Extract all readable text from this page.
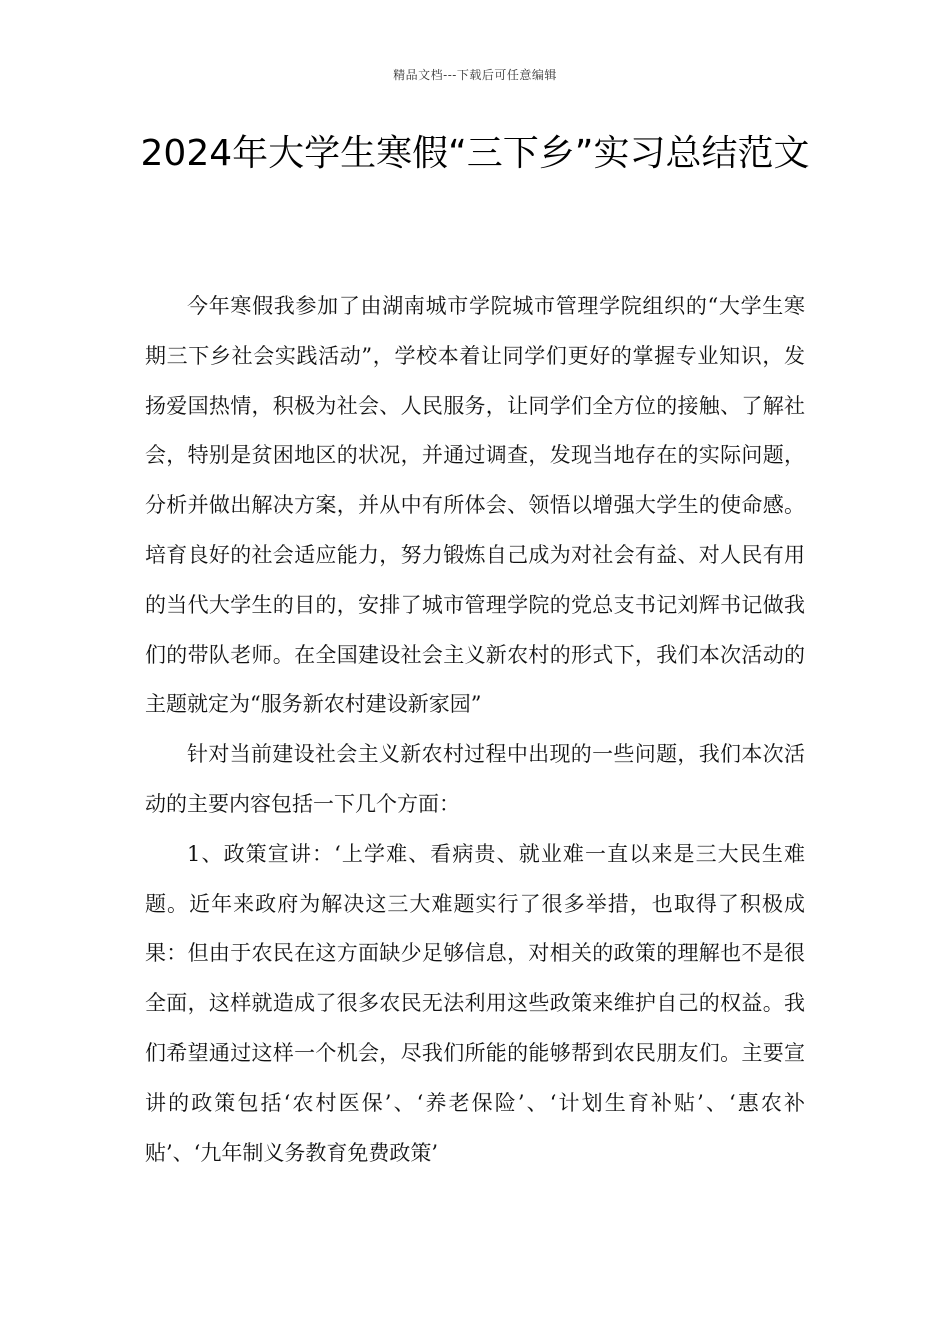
精品文档---下载后可任意编辑
2024年大学生寒假“三下乡”实习总结范文

今年寒假我参加了由湖南城市学院城市管理学院组织的“大学生寒期三下乡社会实践活动”，学校本着让同学们更好的掌握专业知识，发扬爱国热情，积极为社会、人民服务，让同学们全方位的接触、了解社会，特别是贫困地区的状况，并通过调查，发现当地存在的实际问题，分析并做出解决方案，并从中有所体会、领悟以增强大学生的使命感。培育良好的社会适应能力，努力锻炼自己成为对社会有益、对人民有用的当代大学生的目的，安排了城市管理学院的党总支书记刘辉书记做我们的带队老师。在全国建设社会主义新农村的形式下，我们本次活动的主题就定为“服务新农村建设新家园”

针对当前建设社会主义新农村过程中出现的一些问题，我们本次活动的主要内容包括一下几个方面：

1、政策宣讲：‘上学难、看病贵、就业难一直以来是三大民生难题。近年来政府为解决这三大难题实行了很多举措，也取得了积极成果：但由于农民在这方面缺少足够信息，对相关的政策的理解也不是很全面，这样就造成了很多农民无法利用这些政策来维护自己的权益。我们希望通过这样一个机会，尽我们所能的能够帮到农民朋友们。主要宣讲的政策包括‘农村医保’、‘养老保险’、‘计划生育补贴’、‘惠农补贴’、‘九年制义务教育免费政策’
